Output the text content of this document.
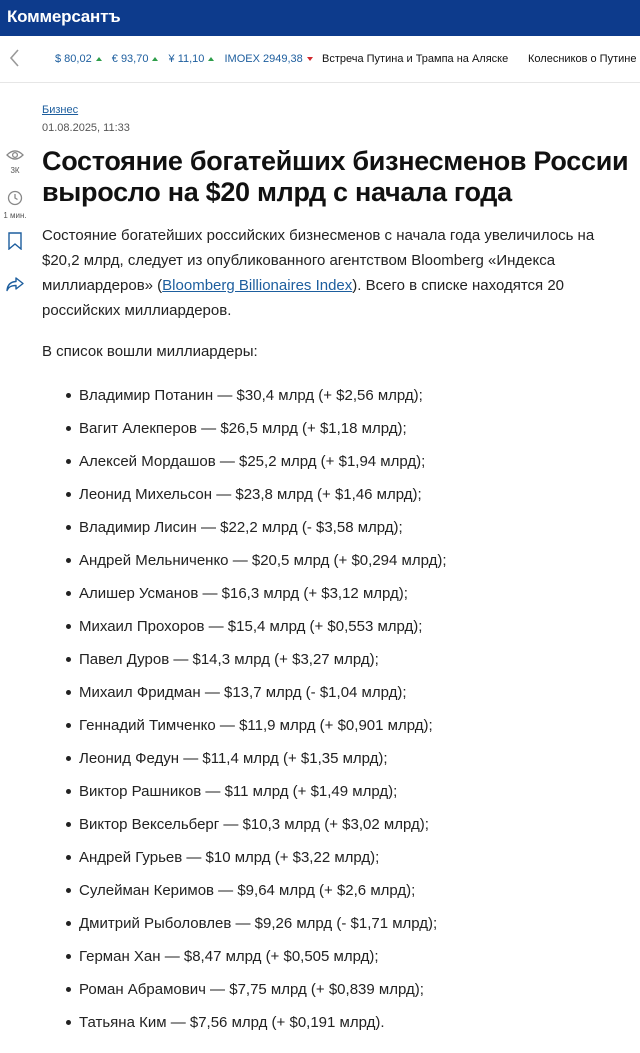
Коммерсантъ
$ 80,02 € 93,70 ¥ 11,10 IMOEX 2949,38	Встреча Путина и Трампа на Аляске Колесников о Путине
3К
1 мин.
Бизнес
01.08.2025, 11:33
Состояние богатейших бизнесменов России выросло на $20 млрд с начала года

Состояние богатейших российских бизнесменов с начала года увеличилось на $20,2 млрд, следует из опубликованного агентством Bloomberg «Индекса миллиардеров» (Bloomberg Billionaires Index). Всего в списке находятся 20 российских миллиардеров.

В список вошли миллиардеры:

Владимир Потанин — $30,4 млрд (+ $2,56 млрд);
Вагит Алекперов — $26,5 млрд (+ $1,18 млрд);
Алексей Мордашов — $25,2 млрд (+ $1,94 млрд);
Леонид Михельсон — $23,8 млрд (+ $1,46 млрд);
Владимир Лисин — $22,2 млрд (- $3,58 млрд);
Андрей Мельниченко — $20,5 млрд (+ $0,294 млрд);
Алишер Усманов — $16,3 млрд (+ $3,12 млрд);
Михаил Прохоров — $15,4 млрд (+ $0,553 млрд);
Павел Дуров — $14,3 млрд (+ $3,27 млрд);
Михаил Фридман — $13,7 млрд (- $1,04 млрд);
Геннадий Тимченко — $11,9 млрд (+ $0,901 млрд);
Леонид Федун — $11,4 млрд (+ $1,35 млрд);
Виктор Рашников — $11 млрд (+ $1,49 млрд);
Виктор Вексельберг — $10,3 млрд (+ $3,02 млрд);
Андрей Гурьев — $10 млрд (+ $3,22 млрд);
Сулейман Керимов — $9,64 млрд (+ $2,6 млрд);
Дмитрий Рыболовлев — $9,26 млрд (- $1,71 млрд);
Герман Хан — $8,47 млрд (+ $0,505 млрд);
Роман Абрамович — $7,75 млрд (+ $0,839 млрд);
Татьяна Ким — $7,56 млрд (+ $0,191 млрд).
